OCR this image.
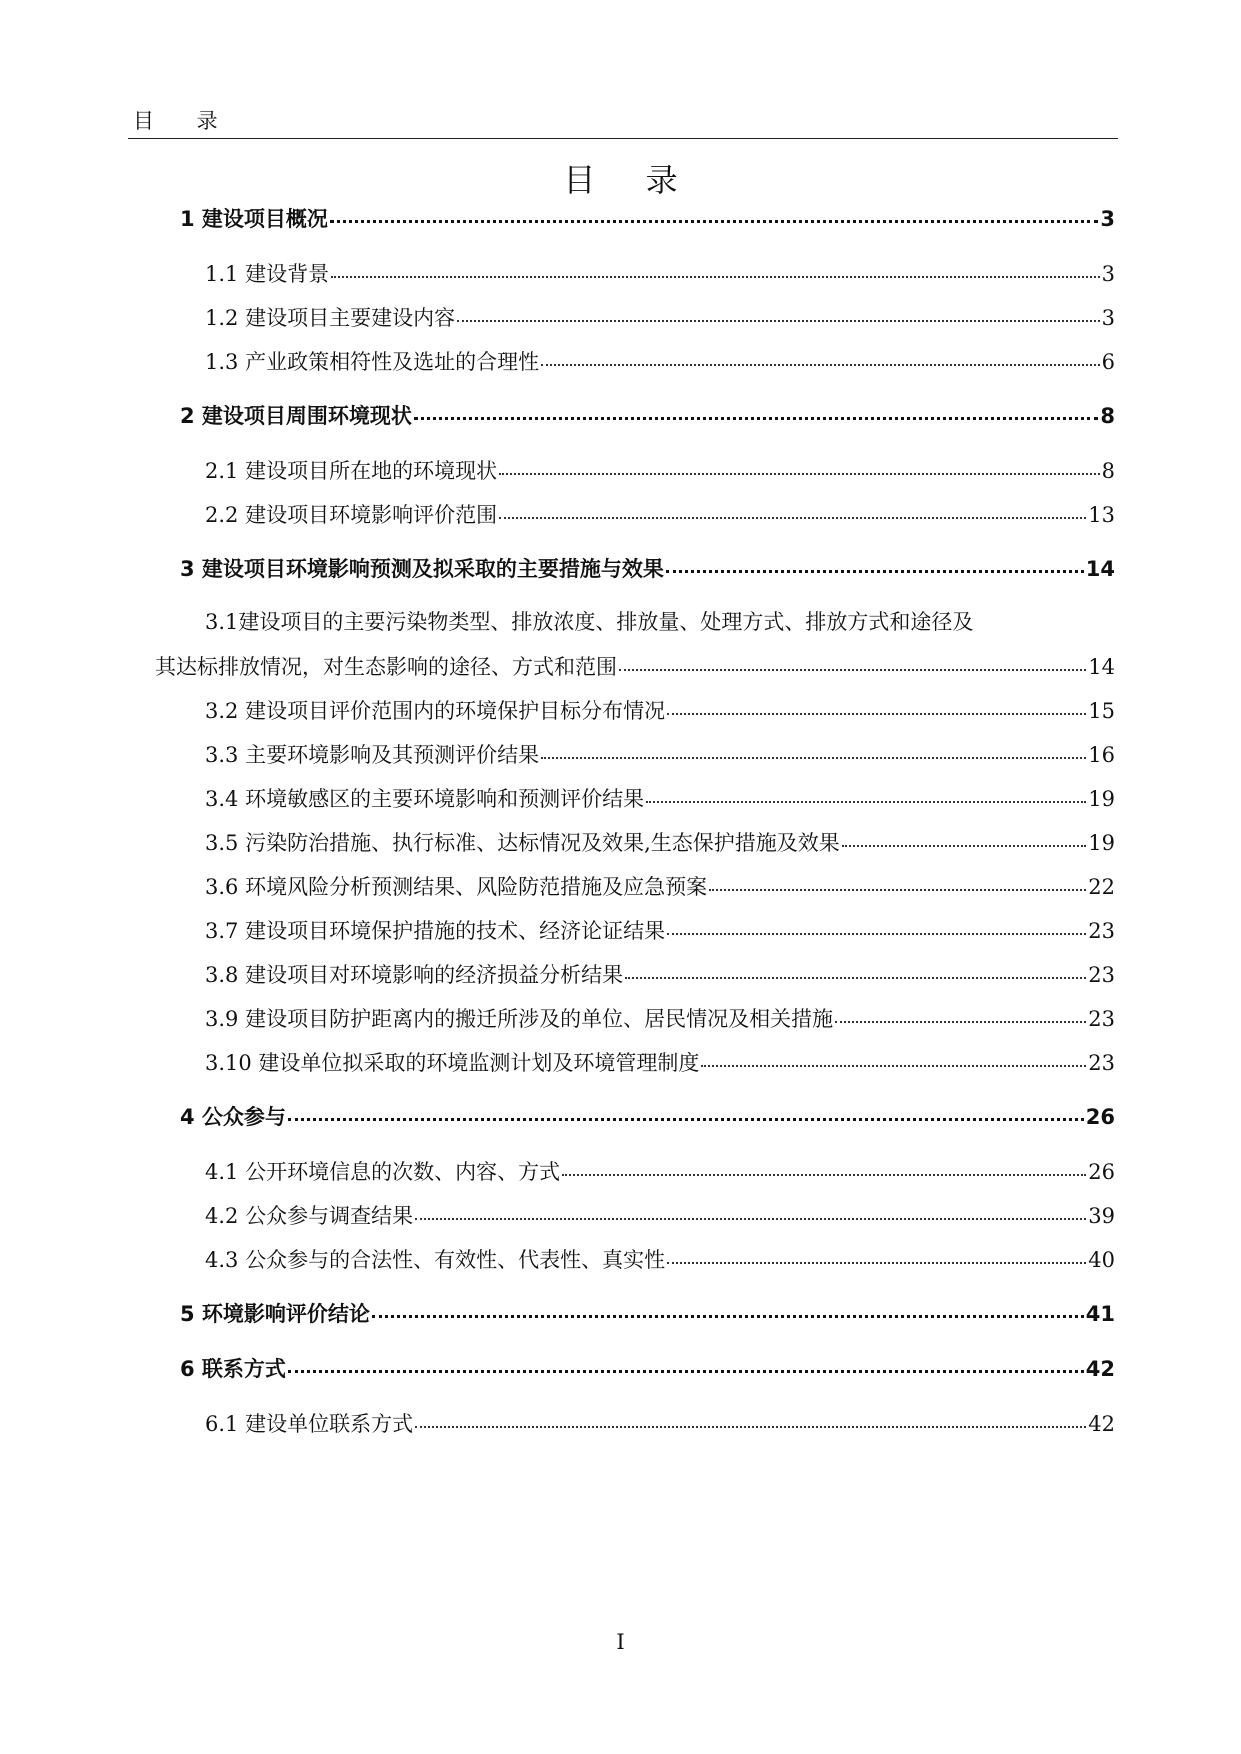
目 录
目 录
1 建设项目概况	3
1.1 建设背景	3
1.2 建设项目主要建设内容	3
1.3 产业政策相符性及选址的合理性	6
2 建设项目周围环境现状	8
2.1 建设项目所在地的环境现状	8
2.2 建设项目环境影响评价范围	13
3 建设项目环境影响预测及拟采取的主要措施与效果	14
3.1建设项目的主要污染物类型、排放浓度、排放量、处理方式、排放方式和途径及
其达标排放情况，对生态影响的途径、方式和范围	14
3.2 建设项目评价范围内的环境保护目标分布情况	15
3.3 主要环境影响及其预测评价结果	16
3.4 环境敏感区的主要环境影响和预测评价结果	19
3.5 污染防治措施、执行标准、达标情况及效果,生态保护措施及效果	19
3.6 环境风险分析预测结果、风险防范措施及应急预案	22
3.7 建设项目环境保护措施的技术、经济论证结果	23
3.8 建设项目对环境影响的经济损益分析结果	23
3.9 建设项目防护距离内的搬迁所涉及的单位、居民情况及相关措施	23
3.10 建设单位拟采取的环境监测计划及环境管理制度	23
4 公众参与	26
4.1 公开环境信息的次数、内容、方式	26
4.2 公众参与调查结果	39
4.3 公众参与的合法性、有效性、代表性、真实性	40
5 环境影响评价结论	41
6 联系方式	42
6.1 建设单位联系方式	42
I
